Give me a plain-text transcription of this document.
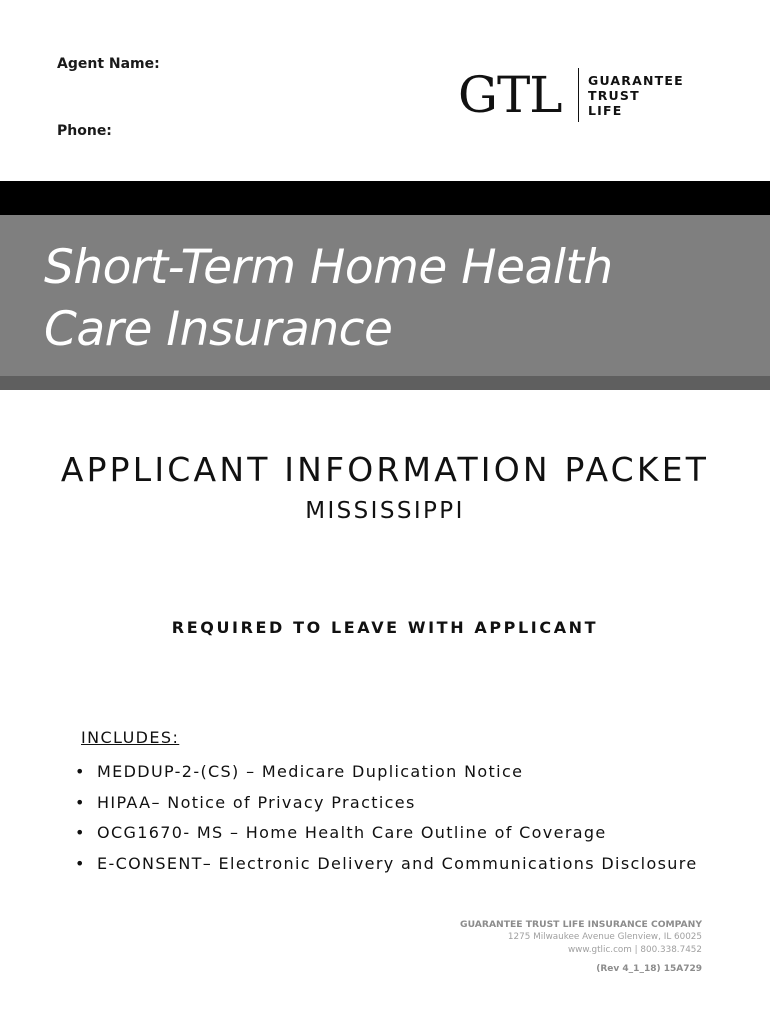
Agent Name:
Phone:
GTL GUARANTEE
TRUST
LIFE
Short-Term Home Health
Care Insurance
APPLICANT INFORMATION PACKET
MISSISSIPPI
REQUIRED TO LEAVE WITH APPLICANT
INCLUDES:
• MEDDUP-2-(CS) – Medicare Duplication Notice
• HIPAA– Notice of Privacy Practices
• OCG1670- MS – Home Health Care Outline of Coverage
• E-CONSENT– Electronic Delivery and Communications Disclosure
GUARANTEE TRUST LIFE INSURANCE COMPANY
1275 Milwaukee Avenue Glenview, IL 60025
www.gtlic.com | 800.338.7452
(Rev 4_1_18) 15A729
